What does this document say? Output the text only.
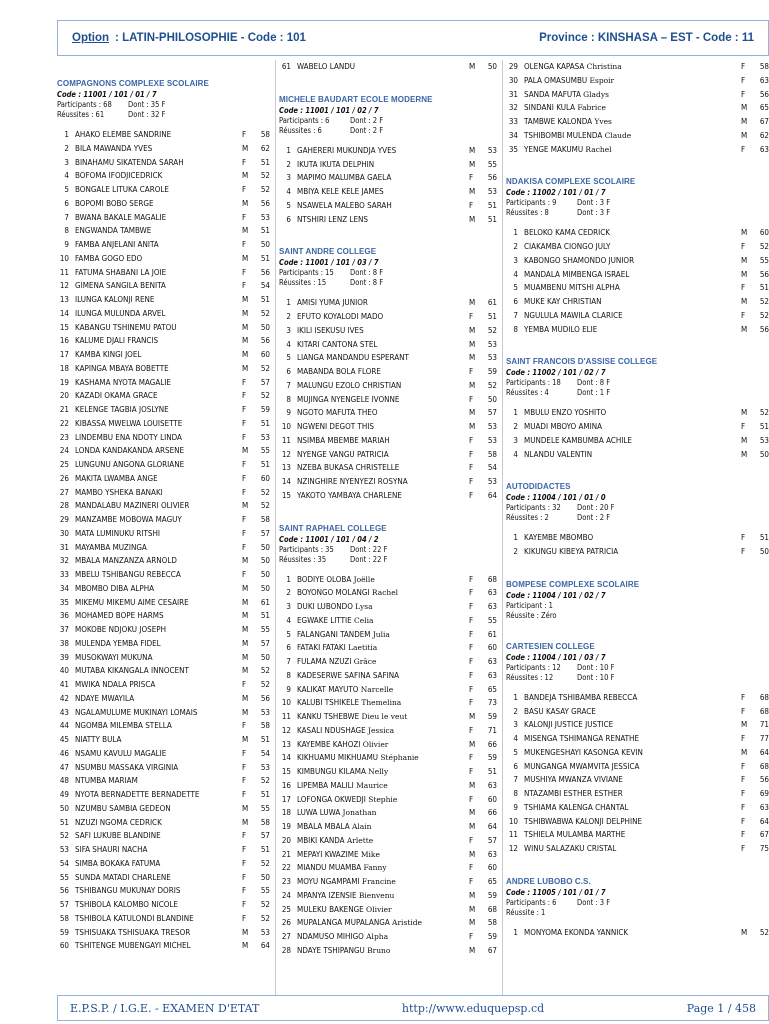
Option : LATIN-PHILOSOPHIE - Code : 101	Province : KINSHASA – EST - Code : 11
COMPAGNONS COMPLEXE SCOLAIRE
Code : 11001 / 101 / 01 / 7
Participants : 68	Dont : 35 F
Réussites : 61	Dont : 32 F
1 AHAKO ELEMBE SANDRINE	F	58
2 BILA MAWANDA YVES	M	62
3 BINAHAMU SIKATENDA SARAH	F	51
4 BOFOMA IFODJICEDRICK	M	52
5 BONGALE LITUKA CAROLE	F	52
6 BOPOMI BOBO SERGE	M	56
7 BWANA BAKALE MAGALIE	F	53
8 ENGWANDA TAMBWE	M	51
9 FAMBA ANJELANI ANITA	F	50
10 FAMBA GOGO EDO	M	51
11 FATUMA SHABANI LA JOIE	F	56
12 GIMENA SANGILA BENITA	F	54
13 ILUNGA KALONJI RENE	M	51
14 ILUNGA MULUNDA ARVEL	M	52
15 KABANGU TSHINEMU PATOU	M	50
16 KALUME DJALI FRANCIS	M	56
17 KAMBA KINGI JOEL	M	60
18 KAPINGA MBAYA BOBETTE	M	52
19 KASHAMA NYOTA MAGALIE	F	57
20 KAZADI OKAMA GRACE	F	52
21 KELENGE TAGBIA JOSLYNE	F	59
22 KIBASSA MWELWA LOUISETTE	F	51
23 LINDEMBU ENA NDOTY LINDA	F	53
24 LONDA KANDAKANDA ARSENE	M	55
25 LUNGUNU ANGONA GLORIANE	F	51
26 MAKITA LWAMBA ANGE	F	60
27 MAMBO YSHEKA BANAKI	F	52
28 MANDALABU MAZINERI OLIVIER	M	52
29 MANZAMBE MOBOWA MAGUY	F	58
30 MATA LUMINUKU RITSHI	F	57
31 MAYAMBA MUZINGA	F	50
32 MBALA MANZANZA ARNOLD	M	50
33 MBELU TSHIBANGU REBECCA	F	50
34 MBOMBO DIBA ALPHA	M	50
35 MIKEMU MIKEMU AIME CESAIRE	M	61
36 MOHAMED BOPE HARMS	M	51
37 MOKOBE NDJOKU JOSEPH	M	55
38 MULENDA YEMBA FIDEL	M	57
39 MUSOKWAYI MUKUNA	M	50
40 MUTABA KIKANGALA INNOCENT	M	52
41 MWIKA NDALA PRISCA	F	52
42 NDAYE MWAYILA	M	56
43 NGALAMULUME MUKINAYI LOMAIS	M	53
44 NGOMBA MILEMBA STELLA	F	58
45 NIATTY BULA	M	51
46 NSAMU KAVULU MAGALIE	F	54
47 NSUMBU MASSAKA VIRGINIA	F	53
48 NTUMBA MARIAM	F	52
49 NYOTA BERNADETTE BERNADETTE	F	51
50 NZUMBU SAMBIA GEDEON	M	55
51 NZUZI NGOMA CEDRICK	M	58
52 SAFI LUKUBE BLANDINE	F	57
53 SIFA SHAURI NACHA	F	51
54 SIMBA BOKAKA FATUMA	F	52
55 SUNDA MATADI CHARLENE	F	50
56 TSHIBANGU MUKUNAY DORIS	F	55
57 TSHIBOLA KALOMBO NICOLE	F	52
58 TSHIBOLA KATULONDI BLANDINE	F	52
59 TSHISUAKA TSHISUAKA TRESOR	M	53
60 TSHITENGE MUBENGAYI MICHEL	M	64
61 WABELO LANDU	M	50
MICHELE BAUDART ECOLE MODERNE
Code : 11001 / 101 / 02 / 7
Participants : 6	Dont : 2 F
Réussites : 6	Dont : 2 F
1 GAHERERI MUKUNDJA YVES	M	53
2 IKUTA IKUTA DELPHIN	M	55
3 MAPIMO MALUMBA GAELA	F	56
4 MBIYA KELE KELE JAMES	M	53
5 NSAWELA MALEBO SARAH	F	51
6 NTSHIRI LENZ LENS	M	51
SAINT ANDRE COLLEGE
Code : 11001 / 101 / 03 / 7
Participants : 15	Dont : 8 F
Réussites : 15	Dont : 8 F
1 AMISI YUMA JUNIOR	M	61
2 EFUTO KOYALODI MADO	F	51
3 IKILI ISEKUSU IVES	M	52
4 KITARI CANTONA STEL	M	53
5 LIANGA MANDANDU ESPERANT	M	53
6 MABANDA BOLA FLORE	F	59
7 MALUNGU EZOLO CHRISTIAN	M	52
8 MUJINGA NYENGELE IVONNE	F	50
9 NGOTO MAFUTA THEO	M	57
10 NGWENI DEGOT THIS	M	53
11 NSIMBA MBEMBE MARIAH	F	53
12 NYENGE VANGU PATRICIA	F	58
13 NZEBA BUKASA CHRISTELLE	F	54
14 NZINGHIRE NYENYEZI ROSYNA	F	53
15 YAKOTO YAMBAYA CHARLENE	F	64
SAINT RAPHAEL COLLEGE
Code : 11001 / 101 / 04 / 2
Participants : 35	Dont : 22 F
Réussites : 35	Dont : 22 F
1 BODIYE OLOBA Joëlle	F	68
2 BOYONGO MOLANGI Rachel	F	63
3 DUKI LUBONDO Lysa	F	63
4 EGWAKE LITTIE Celia	F	55
5 FALANGANI TANDEM Julia	F	61
6 FATAKI FATAKI Laetitia	F	60
7 FULAMA NZUZI Grâce	F	63
8 KADESERWE SAFINA SAFINA	F	63
9 KALIKAT MAYUTO Narcelle	F	65
10 KALUBI TSHIKELE Themelina	F	73
11 KANKU TSHEBWE Dieu le veut	M	59
12 KASALI NDUSHAGE Jessica	F	71
13 KAYEMBE KAHOZI Olivier	M	66
14 KIKHUAMU MIKHUAMU Stéphanie	F	59
15 KIMBUNGU KILAMA Nelly	F	51
16 LIPEMBA MALILI Maurice	M	63
17 LOFONGA OKWEDJI Stephie	F	60
18 LUWA LUWA Jonathan	M	66
19 MBALA MBALA Alain	M	64
20 MBIKI KANDA Arlette	F	57
21 MEPAYI KWAZIME Mike	M	63
22 MIANDU MUAMBA Fanny	F	60
23 MOYU NGAMPAMI Francine	F	65
24 MPANYA IZENSIE Bienvenu	M	59
25 MULEKU BAKENGE Olivier	M	68
26 MUPALANGA MUPALANGA Aristide	M	58
27 NDAMUSO MIHIGO Alpha	F	59
28 NDAYE TSHIPANGU Bruno	M	67
29 OLENGA KAPASA Christina	F	58
30 PALA OMASUMBU Espoir	F	63
31 SANDA MAFUTA Gladys	F	56
32 SINDANI KULA Fabrice	M	65
33 TAMBWE KALONDA Yves	M	67
34 TSHIBOMBI MULENDA Claude	M	62
35 YENGE MAKUMU Rachel	F	63
NDAKISA COMPLEXE SCOLAIRE
Code : 11002 / 101 / 01 / 7
Participants : 9	Dont : 3 F
Réussites : 8	Dont : 3 F
1 BELOKO KAMA CEDRICK	M	60
2 CIAKAMBA CIONGO JULY	F	52
3 KABONGO SHAMONDO JUNIOR	M	55
4 MANDALA MIMBENGA ISRAEL	M	56
5 MUAMBENU MITSHI ALPHA	F	51
6 MUKE KAY CHRISTIAN	M	52
7 NGULULA MAWILA CLARICE	F	52
8 YEMBA MUDILO ELIE	M	56
SAINT FRANCOIS D'ASSISE COLLEGE
Code : 11002 / 101 / 02 / 7
Participants : 18	Dont : 8 F
Réussites : 4	Dont : 1 F
1 MBULU ENZO YOSHITO	M	52
2 MUADI MBOYO AMINA	F	51
3 MUNDELE KAMBUMBA ACHILE	M	53
4 NLANDU VALENTIN	M	50
AUTODIDACTES
Code : 11004 / 101 / 01 / 0
Participants : 32	Dont : 20 F
Réussites : 2	Dont : 2 F
1 KAYEMBE MBOMBO	F	51
2 KIKUNGU KIBEYA PATRICIA	F	50
BOMPESE COMPLEXE SCOLAIRE
Code : 11004 / 101 / 02 / 7
Participant : 1
Réussite : Zéro
CARTESIEN COLLEGE
Code : 11004 / 101 / 03 / 7
Participants : 12	Dont : 10 F
Réussites : 12	Dont : 10 F
1 BANDEJA TSHIBAMBA REBECCA	F	68
2 BASU KASAY GRACE	F	68
3 KALONJI JUSTICE JUSTICE	M	71
4 MISENGA TSHIMANGA RENATHE	F	77
5 MUKENGESHAYI KASONGA KEVIN	M	64
6 MUNGANGA MWAMVITA JESSICA	F	68
7 MUSHIYA MWANZA VIVIANE	F	56
8 NTAZAMBI ESTHER ESTHER	F	69
9 TSHIAMA KALENGA CHANTAL	F	63
10 TSHIBWABWA KALONJI DELPHINE	F	64
11 TSHIELA MULAMBA MARTHE	F	67
12 WINU SALAZAKU CRISTAL	F	75
ANDRE LUBOBO C.S.
Code : 11005 / 101 / 01 / 7
Participants : 6	Dont : 3 F
Réussite : 1
1 MONYOMA EKONDA YANNICK	M	52
E.P.S.P. / I.G.E. - EXAMEN D'ETAT	http://www.eduquepsp.cd	Page 1 / 458
